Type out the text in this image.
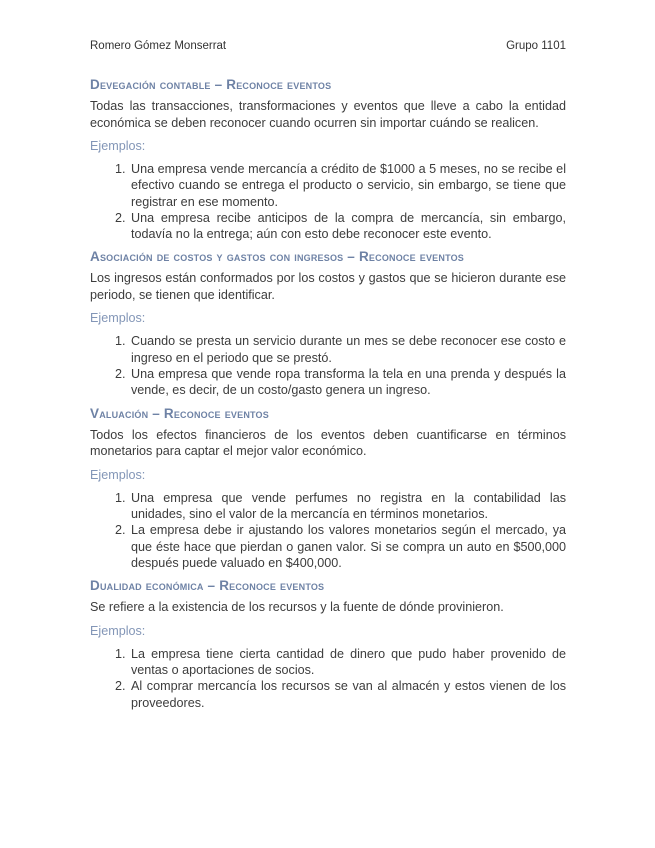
Romero Gómez Monserrat	Grupo 1101
Devegación contable – Reconoce eventos

Todas las transacciones, transformaciones y eventos que lleve a cabo la entidad económica se deben reconocer cuando ocurren sin importar cuándo se realicen.

Ejemplos:

1. Una empresa vende mercancía a crédito de $1000 a 5 meses, no se recibe el efectivo cuando se entrega el producto o servicio, sin embargo, se tiene que registrar en ese momento.
2. Una empresa recibe anticipos de la compra de mercancía, sin embargo, todavía no la entrega; aún con esto debe reconocer este evento.
Asociación de costos y gastos con ingresos – Reconoce eventos

Los ingresos están conformados por los costos y gastos que se hicieron durante ese periodo, se tienen que identificar.

Ejemplos:

1. Cuando se presta un servicio durante un mes se debe reconocer ese costo e ingreso en el periodo que se prestó.
2. Una empresa que vende ropa transforma la tela en una prenda y después la vende, es decir, de un costo/gasto genera un ingreso.
Valuación – Reconoce eventos

Todos los efectos financieros de los eventos deben cuantificarse en términos monetarios para captar el mejor valor económico.

Ejemplos:

1. Una empresa que vende perfumes no registra en la contabilidad las unidades, sino el valor de la mercancía en términos monetarios.
2. La empresa debe ir ajustando los valores monetarios según el mercado, ya que éste hace que pierdan o ganen valor. Si se compra un auto en $500,000 después puede valuado en $400,000.
Dualidad económica – Reconoce eventos

Se refiere a la existencia de los recursos y la fuente de dónde provinieron.

Ejemplos:

1. La empresa tiene cierta cantidad de dinero que pudo haber provenido de ventas o aportaciones de socios.
2. Al comprar mercancía los recursos se van al almacén y estos vienen de los proveedores.
